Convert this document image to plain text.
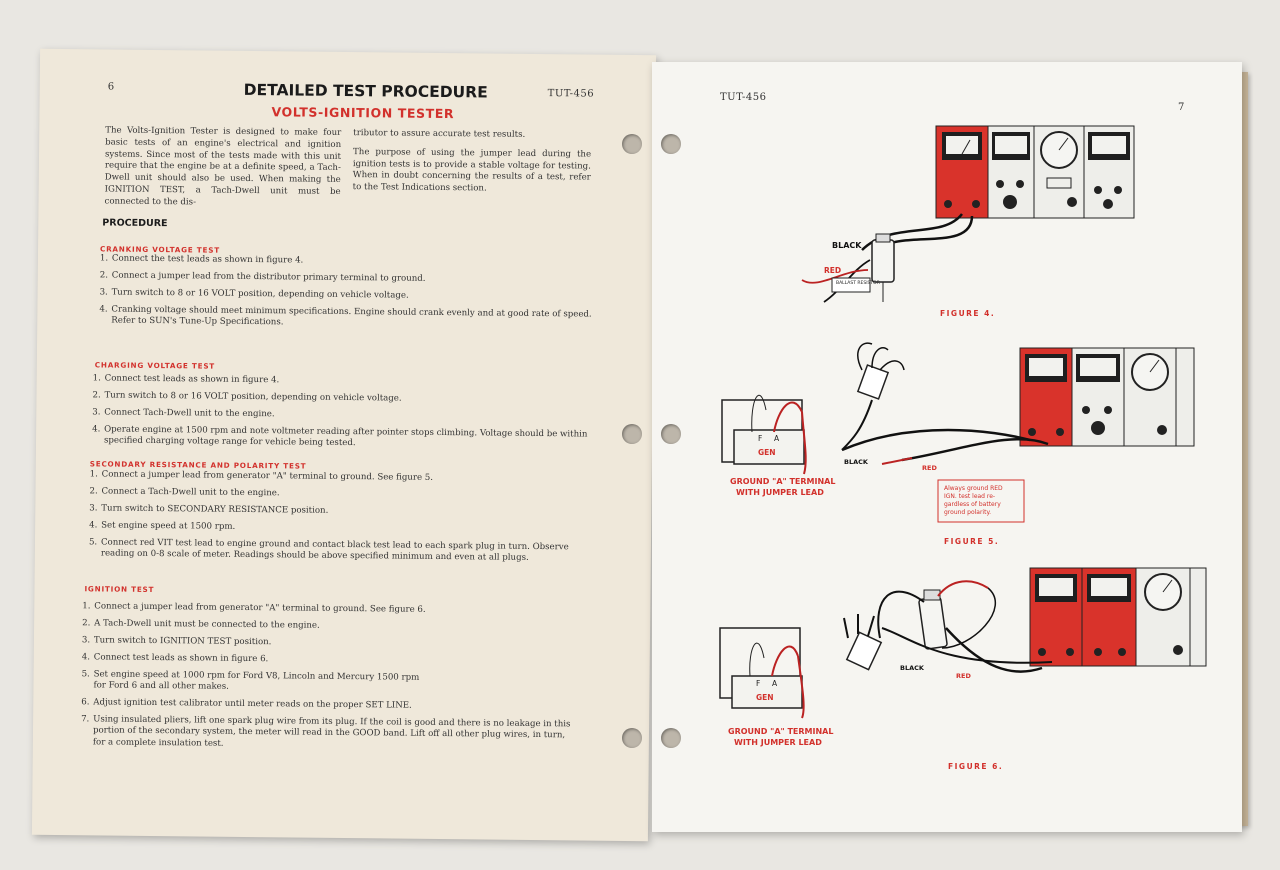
6
TUT-456
DETAILED TEST PROCEDURE
VOLTS-IGNITION TESTER
The Volts-Ignition Tester is designed to make four basic tests of an engine's electrical and ignition systems. Since most of the tests made with this unit require that the engine be at a definite speed, a Tach-Dwell unit should also be used. When making the IGNITION TEST, a Tach-Dwell unit must be connected to the dis-
tributor to assure accurate test results.
The purpose of using the jumper lead during the ignition tests is to provide a stable voltage for testing. When in doubt concerning the results of a test, refer to the Test Indications section.
PROCEDURE
CRANKING VOLTAGE TEST
1. Connect the test leads as shown in figure 4.
2. Connect a jumper lead from the distributor primary terminal to ground.
3. Turn switch to 8 or 16 VOLT position, depending on vehicle voltage.
4. Cranking voltage should meet minimum specifications. Engine should crank evenly and at good rate of speed. Refer to SUN's Tune-Up Specifications.
CHARGING VOLTAGE TEST
1. Connect test leads as shown in figure 4.
2. Turn switch to 8 or 16 VOLT position, depending on vehicle voltage.
3. Connect Tach-Dwell unit to the engine.
4. Operate engine at 1500 rpm and note voltmeter reading after pointer stops climbing. Voltage should be within specified charging voltage range for vehicle being tested.
SECONDARY RESISTANCE AND POLARITY TEST
1. Connect a jumper lead from generator "A" terminal to ground. See figure 5.
2. Connect a Tach-Dwell unit to the engine.
3. Turn switch to SECONDARY RESISTANCE position.
4. Set engine speed at 1500 rpm.
5. Connect red VIT test lead to engine ground and contact black test lead to each spark plug in turn. Observe reading on 0-8 scale of meter. Readings should be above specified minimum and even at all plugs.
IGNITION TEST
1. Connect a jumper lead from generator "A" terminal to ground. See figure 6.
2. A Tach-Dwell unit must be connected to the engine.
3. Turn switch to IGNITION TEST position.
4. Connect test leads as shown in figure 6.
5. Set engine speed at 1000 rpm for Ford V8, Lincoln and Mercury 1500 rpm for Ford 6 and all other makes.
6. Adjust ignition test calibrator until meter reads on the proper SET LINE.
7. Using insulated pliers, lift one spark plug wire from its plug. If the coil is good and there is no leakage in this portion of the secondary system, the meter will read in the GOOD band. Lift off all other plug wires, in turn, for a complete insulation test.
TUT-456
7
BALLAST RESISTOR
BLACK
RED
FIGURE 4.
F A
GEN
BLACK
RED
GROUND "A" TERMINAL
WITH JUMPER LEAD	Always ground RED
IGN. test lead re-
gardless of battery
ground polarity.
FIGURE 5.
F A
GEN
BLACK
RED
GROUND "A" TERMINAL
WITH JUMPER LEAD
FIGURE 6.
